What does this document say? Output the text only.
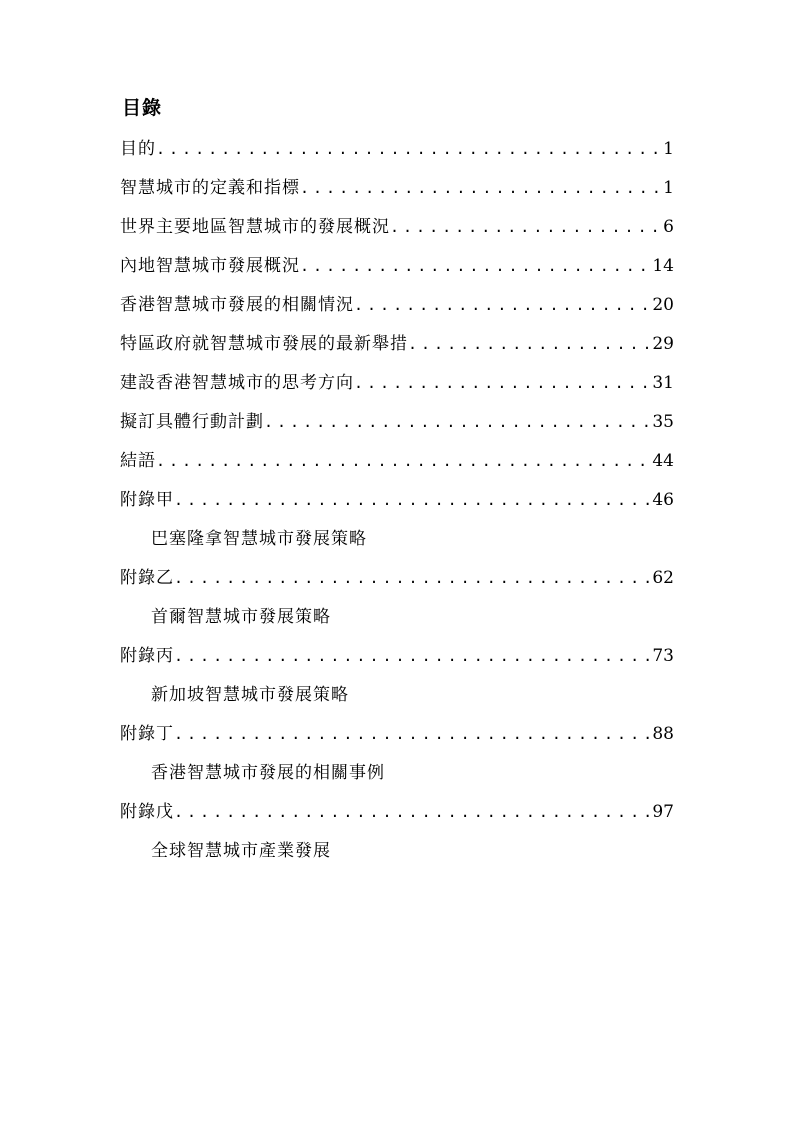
目錄
目的 .....	1
智慧城市的定義和指標 .....	1
世界主要地區智慧城市的發展概況 .....	6
內地智慧城市發展概況 .....	14
香港智慧城市發展的相關情況 .....	20
特區政府就智慧城市發展的最新舉措 .....	29
建設香港智慧城市的思考方向 .....	31
擬訂具體行動計劃 .....	35
結語 .....	44
附錄甲 .....	46
巴塞隆拿智慧城市發展策略
附錄乙 .....	62
首爾智慧城市發展策略
附錄丙 .....	73
新加坡智慧城市發展策略
附錄丁 .....	88
香港智慧城市發展的相關事例
附錄戊 .....	97
全球智慧城市產業發展
